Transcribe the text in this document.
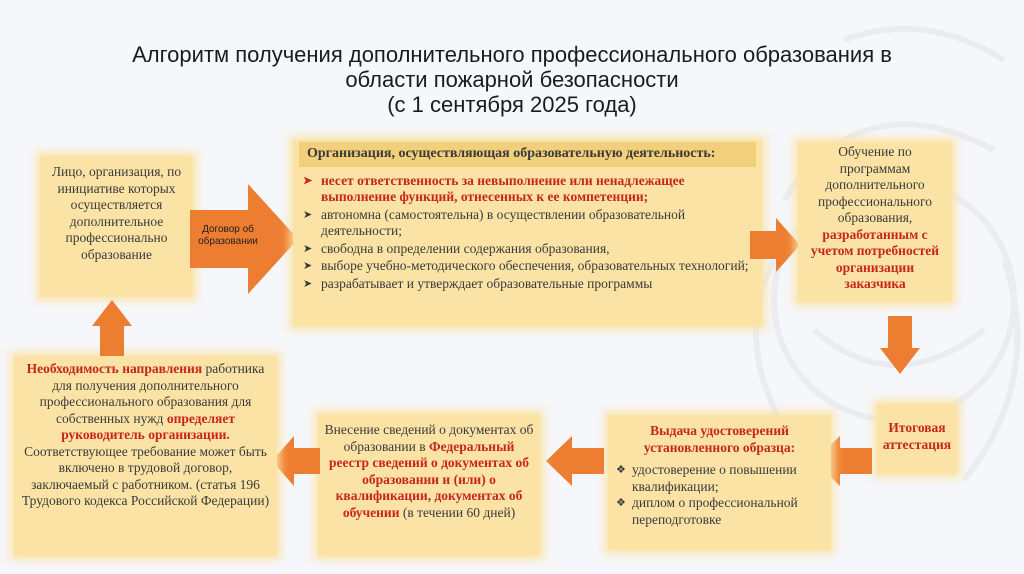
Алгоритм получения дополнительного профессионального образования в
области пожарной безопасности
(с 1 сентября 2025 года)
Лицо, организация, по инициативе которых осуществляется дополнительное профессионально образование
Договор об образовании
Организация, осуществляющая образовательную деятельность:
➤ несет ответственность за невыполнение или ненадлежащее выполнение функций, отнесенных к ее компетенции;
➤ автономна (самостоятельна) в осуществлении образовательной деятельности;
➤ свободна в определении содержания образования,
➤ выборе учебно-методического обеспечения, образовательных технологий;
➤ разрабатывает и утверждает образовательные программы
Обучение по программам дополнительного профессионального образования, разработанным с учетом потребностей организации заказчика
Итоговая аттестация
Выдача удостоверений установленного образца:
❖ удостоверение о повышении квалификации;
❖ диплом о профессиональной переподготовке
Внесение сведений о документах об образовании в Федеральный реестр сведений о документах об образовании и (или) о квалификации, документах об обучении (в течении 60 дней)
Необходимость направления работника для получения дополнительного профессионального образования для собственных нужд определяет руководитель организации. Соответствующее требование может быть включено в трудовой договор, заключаемый с работником. (статья 196 Трудового кодекса Российской Федерации)
